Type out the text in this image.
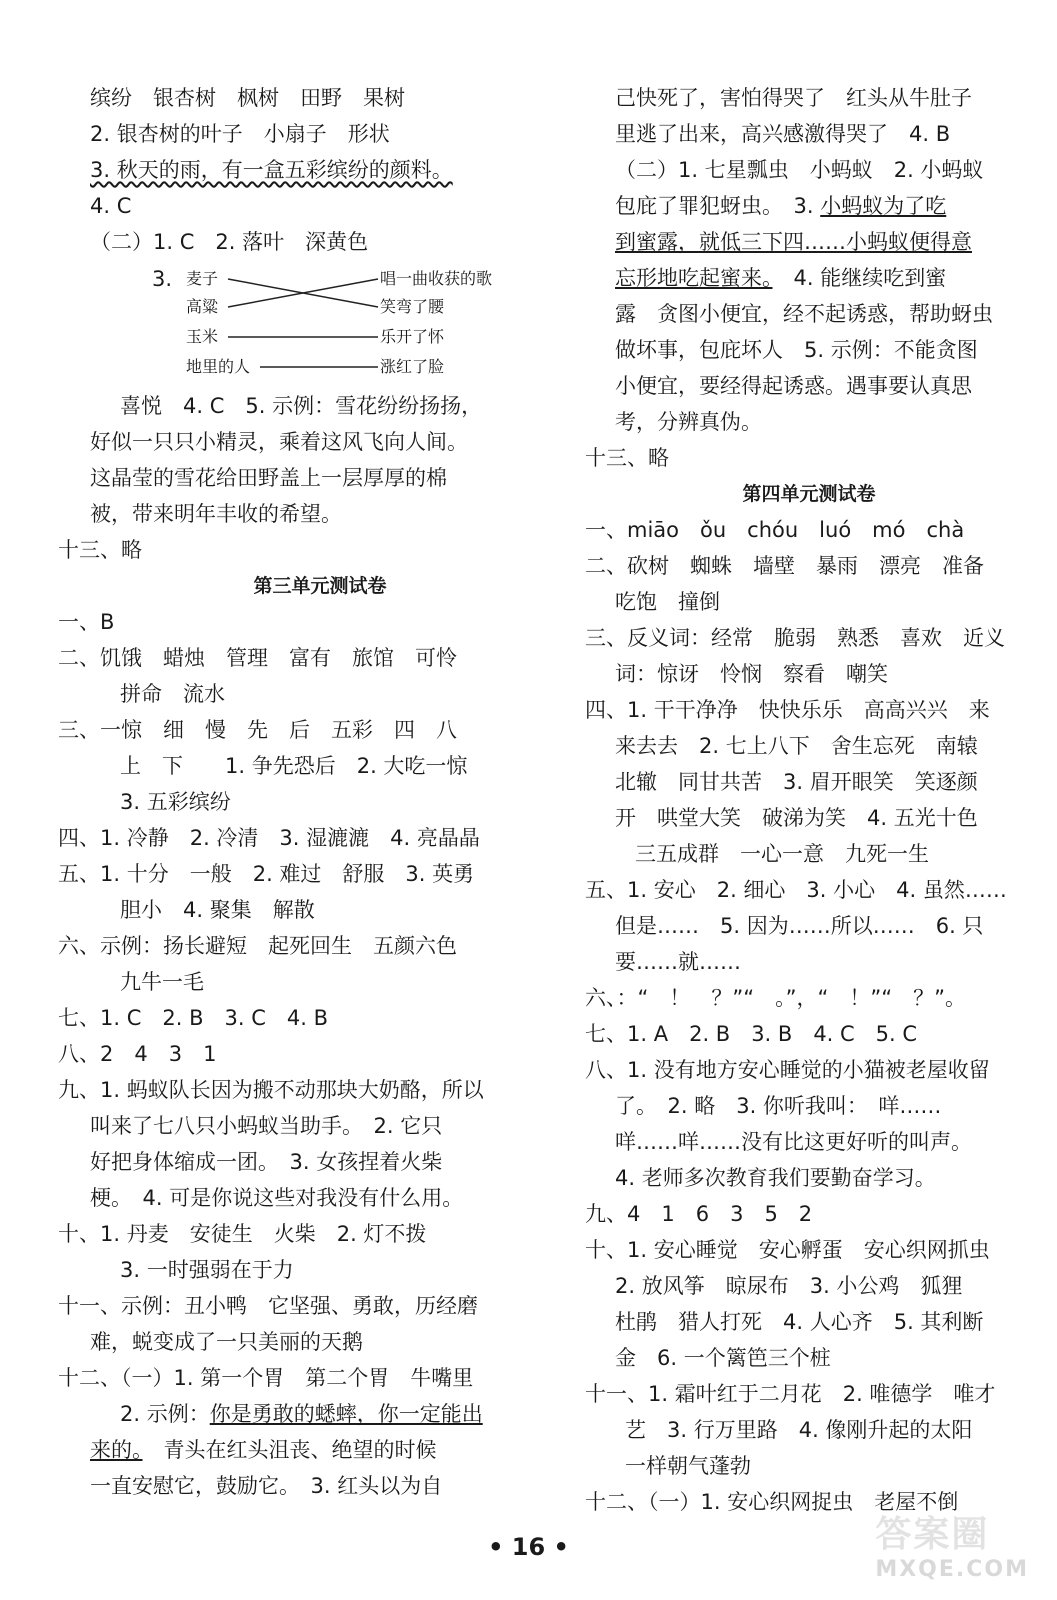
缤纷　银杏树　枫树　田野　果树
2. 银杏树的叶子　小扇子　形状
3. 秋天的雨，有一盒五彩缤纷的颜料。
4. C
（二）1. C　2. 落叶　深黄色
3. 麦子
高粱
玉米
地里的人
唱一曲收获的歌
笑弯了腰
乐开了怀
涨红了脸
喜悦　4. C　5. 示例：雪花纷纷扬扬，
好似一只只小精灵，乘着这风飞向人间。
这晶莹的雪花给田野盖上一层厚厚的棉
被，带来明年丰收的希望。
十三、略
第三单元测试卷
一、B
二、饥饿　蜡烛　管理　富有　旅馆　可怜
拼命　流水
三、一惊　细　慢　先　后　五彩　四　八
上　下　　1. 争先恐后　2. 大吃一惊
3. 五彩缤纷
四、1. 冷静　2. 冷清　3. 湿漉漉　4. 亮晶晶
五、1. 十分　一般　2. 难过　舒服　3. 英勇
胆小　4. 聚集　解散
六、示例：扬长避短　起死回生　五颜六色
九牛一毛
七、1. C　2. B　3. C　4. B
八、2　4　3　1
九、1. 蚂蚁队长因为搬不动那块大奶酪，所以
叫来了七八只小蚂蚁当助手。　2. 它只
好把身体缩成一团。　3. 女孩捏着火柴
梗。　4. 可是你说这些对我没有什么用。
十、1. 丹麦　安徒生　火柴　2. 灯不拨
3. 一时强弱在于力
十一、示例：丑小鸭　它坚强、勇敢，历经磨
难，蜕变成了一只美丽的天鹅
十二、（一）1. 第一个胃　第二个胃　牛嘴里
2. 示例：你是勇敢的蟋蟀，你一定能出
来的。　青头在红头沮丧、绝望的时候
一直安慰它，鼓励它。　3. 红头以为自
己快死了，害怕得哭了　红头从牛肚子
里逃了出来，高兴感激得哭了　4. B
（二）1. 七星瓢虫　小蚂蚁　2. 小蚂蚁
包庇了罪犯蚜虫。　3. 小蚂蚁为了吃
到蜜露，就低三下四……小蚂蚁便得意
忘形地吃起蜜来。　4. 能继续吃到蜜
露　贪图小便宜，经不起诱惑，帮助蚜虫
做坏事，包庇坏人　5. 示例：不能贪图
小便宜，要经得起诱惑。遇事要认真思
考，分辨真伪。
十三、略
第四单元测试卷
一、miāo　ǒu　chóu　luó　mó　chà
二、砍树　蜘蛛　墙壁　暴雨　漂亮　准备
吃饱　撞倒
三、反义词：经常　脆弱　熟悉　喜欢　近义
词：惊讶　怜悯　察看　嘲笑
四、1. 干干净净　快快乐乐　高高兴兴　来
来去去　2. 七上八下　舍生忘死　南辕
北辙　同甘共苦　3. 眉开眼笑　笑逐颜
开　哄堂大笑　破涕为笑　4. 五光十色
三五成群　一心一意　九死一生
五、1. 安心　2. 细心　3. 小心　4. 虽然……
但是……　5. 因为……所以……　6. 只
要……就……
六、：“　！　？”“　。”，“　！”“　？”。
七、1. A　2. B　3. B　4. C　5. C
八、1. 没有地方安心睡觉的小猫被老屋收留
了。　2. 略　3. 你听我叫：　咩……
咩……咩……没有比这更好听的叫声。
4. 老师多次教育我们要勤奋学习。
九、4　1　6　3　5　2
十、1. 安心睡觉　安心孵蛋　安心织网抓虫
2. 放风筝　晾尿布　3. 小公鸡　狐狸
杜鹃　猎人打死　4. 人心齐　5. 其利断
金　6. 一个篱笆三个桩
十一、1. 霜叶红于二月花　2. 唯德学　唯才
艺　3. 行万里路　4. 像刚升起的太阳
一样朝气蓬勃
十二、（一）1. 安心织网捉虫　老屋不倒
• 16 •	答案圈
MXQE.COM
